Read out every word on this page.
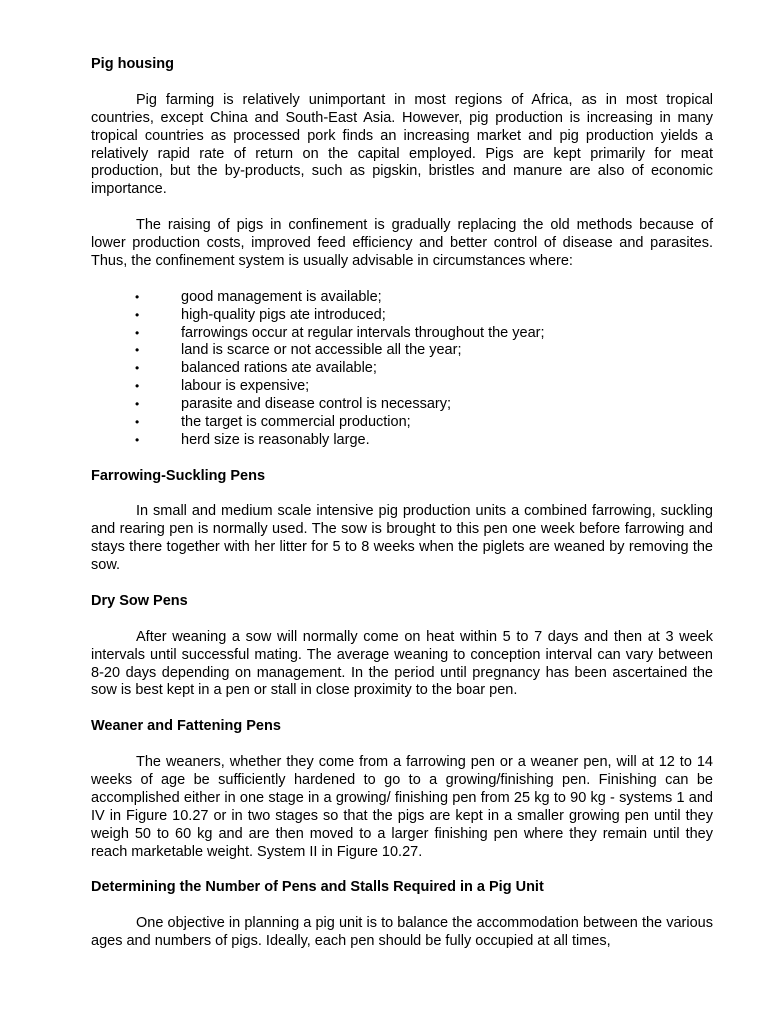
Pig housing

Pig farming is relatively unimportant in most regions of Africa, as in most tropical countries, except China and South-East Asia. However, pig production is increasing in many tropical countries as processed pork finds an increasing market and pig production yields a relatively rapid rate of return on the capital employed. Pigs are kept primarily for meat production, but the by-products, such as pigskin, bristles and manure are also of economic importance.

The raising of pigs in confinement is gradually replacing the old methods because of lower production costs, improved feed efficiency and better control of disease and parasites. Thus, the confinement system is usually advisable in circumstances where:

•	good management is available;
•	high-quality pigs ate introduced;
•	farrowings occur at regular intervals throughout the year;
•	land is scarce or not accessible all the year;
•	balanced rations ate available;
•	labour is expensive;
•	parasite and disease control is necessary;
•	the target is commercial production;
•	herd size is reasonably large.
Farrowing-Suckling Pens

In small and medium scale intensive pig production units a combined farrowing, suckling and rearing pen is normally used. The sow is brought to this pen one week before farrowing and stays there together with her litter for 5 to 8 weeks when the piglets are weaned by removing the sow.

Dry Sow Pens

After weaning a sow will normally come on heat within 5 to 7 days and then at 3 week intervals until successful mating. The average weaning to conception interval can vary between 8-20 days depending on management. In the period until pregnancy has been ascertained the sow is best kept in a pen or stall in close proximity to the boar pen.

Weaner and Fattening Pens

The weaners, whether they come from a farrowing pen or a weaner pen, will at 12 to 14 weeks of age be sufficiently hardened to go to a growing/finishing pen. Finishing can be accomplished either in one stage in a growing/ finishing pen from 25 kg to 90 kg - systems 1 and IV in Figure 10.27 or in two stages so that the pigs are kept in a smaller growing pen until they weigh 50 to 60 kg and are then moved to a larger finishing pen where they remain until they reach marketable weight. System II in Figure 10.27.

Determining the Number of Pens and Stalls Required in a Pig Unit

One objective in planning a pig unit is to balance the accommodation between the various ages and numbers of pigs. Ideally, each pen should be fully occupied at all times,
